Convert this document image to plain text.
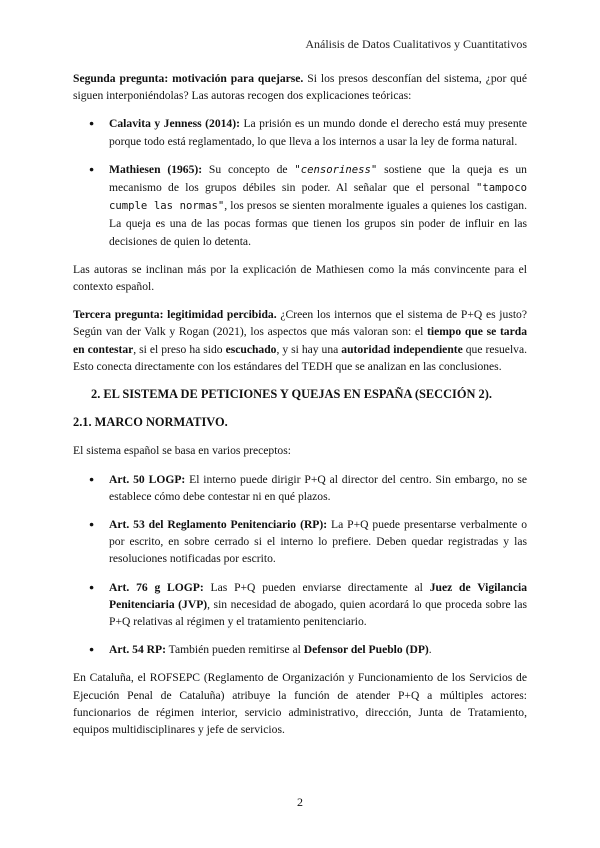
Análisis de Datos Cualitativos y Cuantitativos

Segunda pregunta: motivación para quejarse. Si los presos desconfían del sistema, ¿por qué siguen interponiéndolas? Las autoras recogen dos explicaciones teóricas:

● Calavita y Jenness (2014): La prisión es un mundo donde el derecho está muy presente porque todo está reglamentado, lo que lleva a los internos a usar la ley de forma natural.
● Mathiesen (1965): Su concepto de "censoriness" sostiene que la queja es un mecanismo de los grupos débiles sin poder. Al señalar que el personal "tampoco cumple las normas", los presos se sienten moralmente iguales a quienes los castigan. La queja es una de las pocas formas que tienen los grupos sin poder de influir en las decisiones de quien lo detenta.

Las autoras se inclinan más por la explicación de Mathiesen como la más convincente para el contexto español.

Tercera pregunta: legitimidad percibida. ¿Creen los internos que el sistema de P+Q es justo? Según van der Valk y Rogan (2021), los aspectos que más valoran son: el tiempo que se tarda en contestar, si el preso ha sido escuchado, y si hay una autoridad independiente que resuelva. Esto conecta directamente con los estándares del TEDH que se analizan en las conclusiones.

2. EL SISTEMA DE PETICIONES Y QUEJAS EN ESPAÑA (SECCIÓN 2).
2.1. MARCO NORMATIVO.

El sistema español se basa en varios preceptos:

● Art. 50 LOGP: El interno puede dirigir P+Q al director del centro. Sin embargo, no se establece cómo debe contestar ni en qué plazos.
● Art. 53 del Reglamento Penitenciario (RP): La P+Q puede presentarse verbalmente o por escrito, en sobre cerrado si el interno lo prefiere. Deben quedar registradas y las resoluciones notificadas por escrito.
● Art. 76 g LOGP: Las P+Q pueden enviarse directamente al Juez de Vigilancia Penitenciaria (JVP), sin necesidad de abogado, quien acordará lo que proceda sobre las P+Q relativas al régimen y el tratamiento penitenciario.
● Art. 54 RP: También pueden remitirse al Defensor del Pueblo (DP).

En Cataluña, el ROFSEPC (Reglamento de Organización y Funcionamiento de los Servicios de Ejecución Penal de Cataluña) atribuye la función de atender P+Q a múltiples actores: funcionarios de régimen interior, servicio administrativo, dirección, Junta de Tratamiento, equipos multidisciplinares y jefe de servicios.

2
